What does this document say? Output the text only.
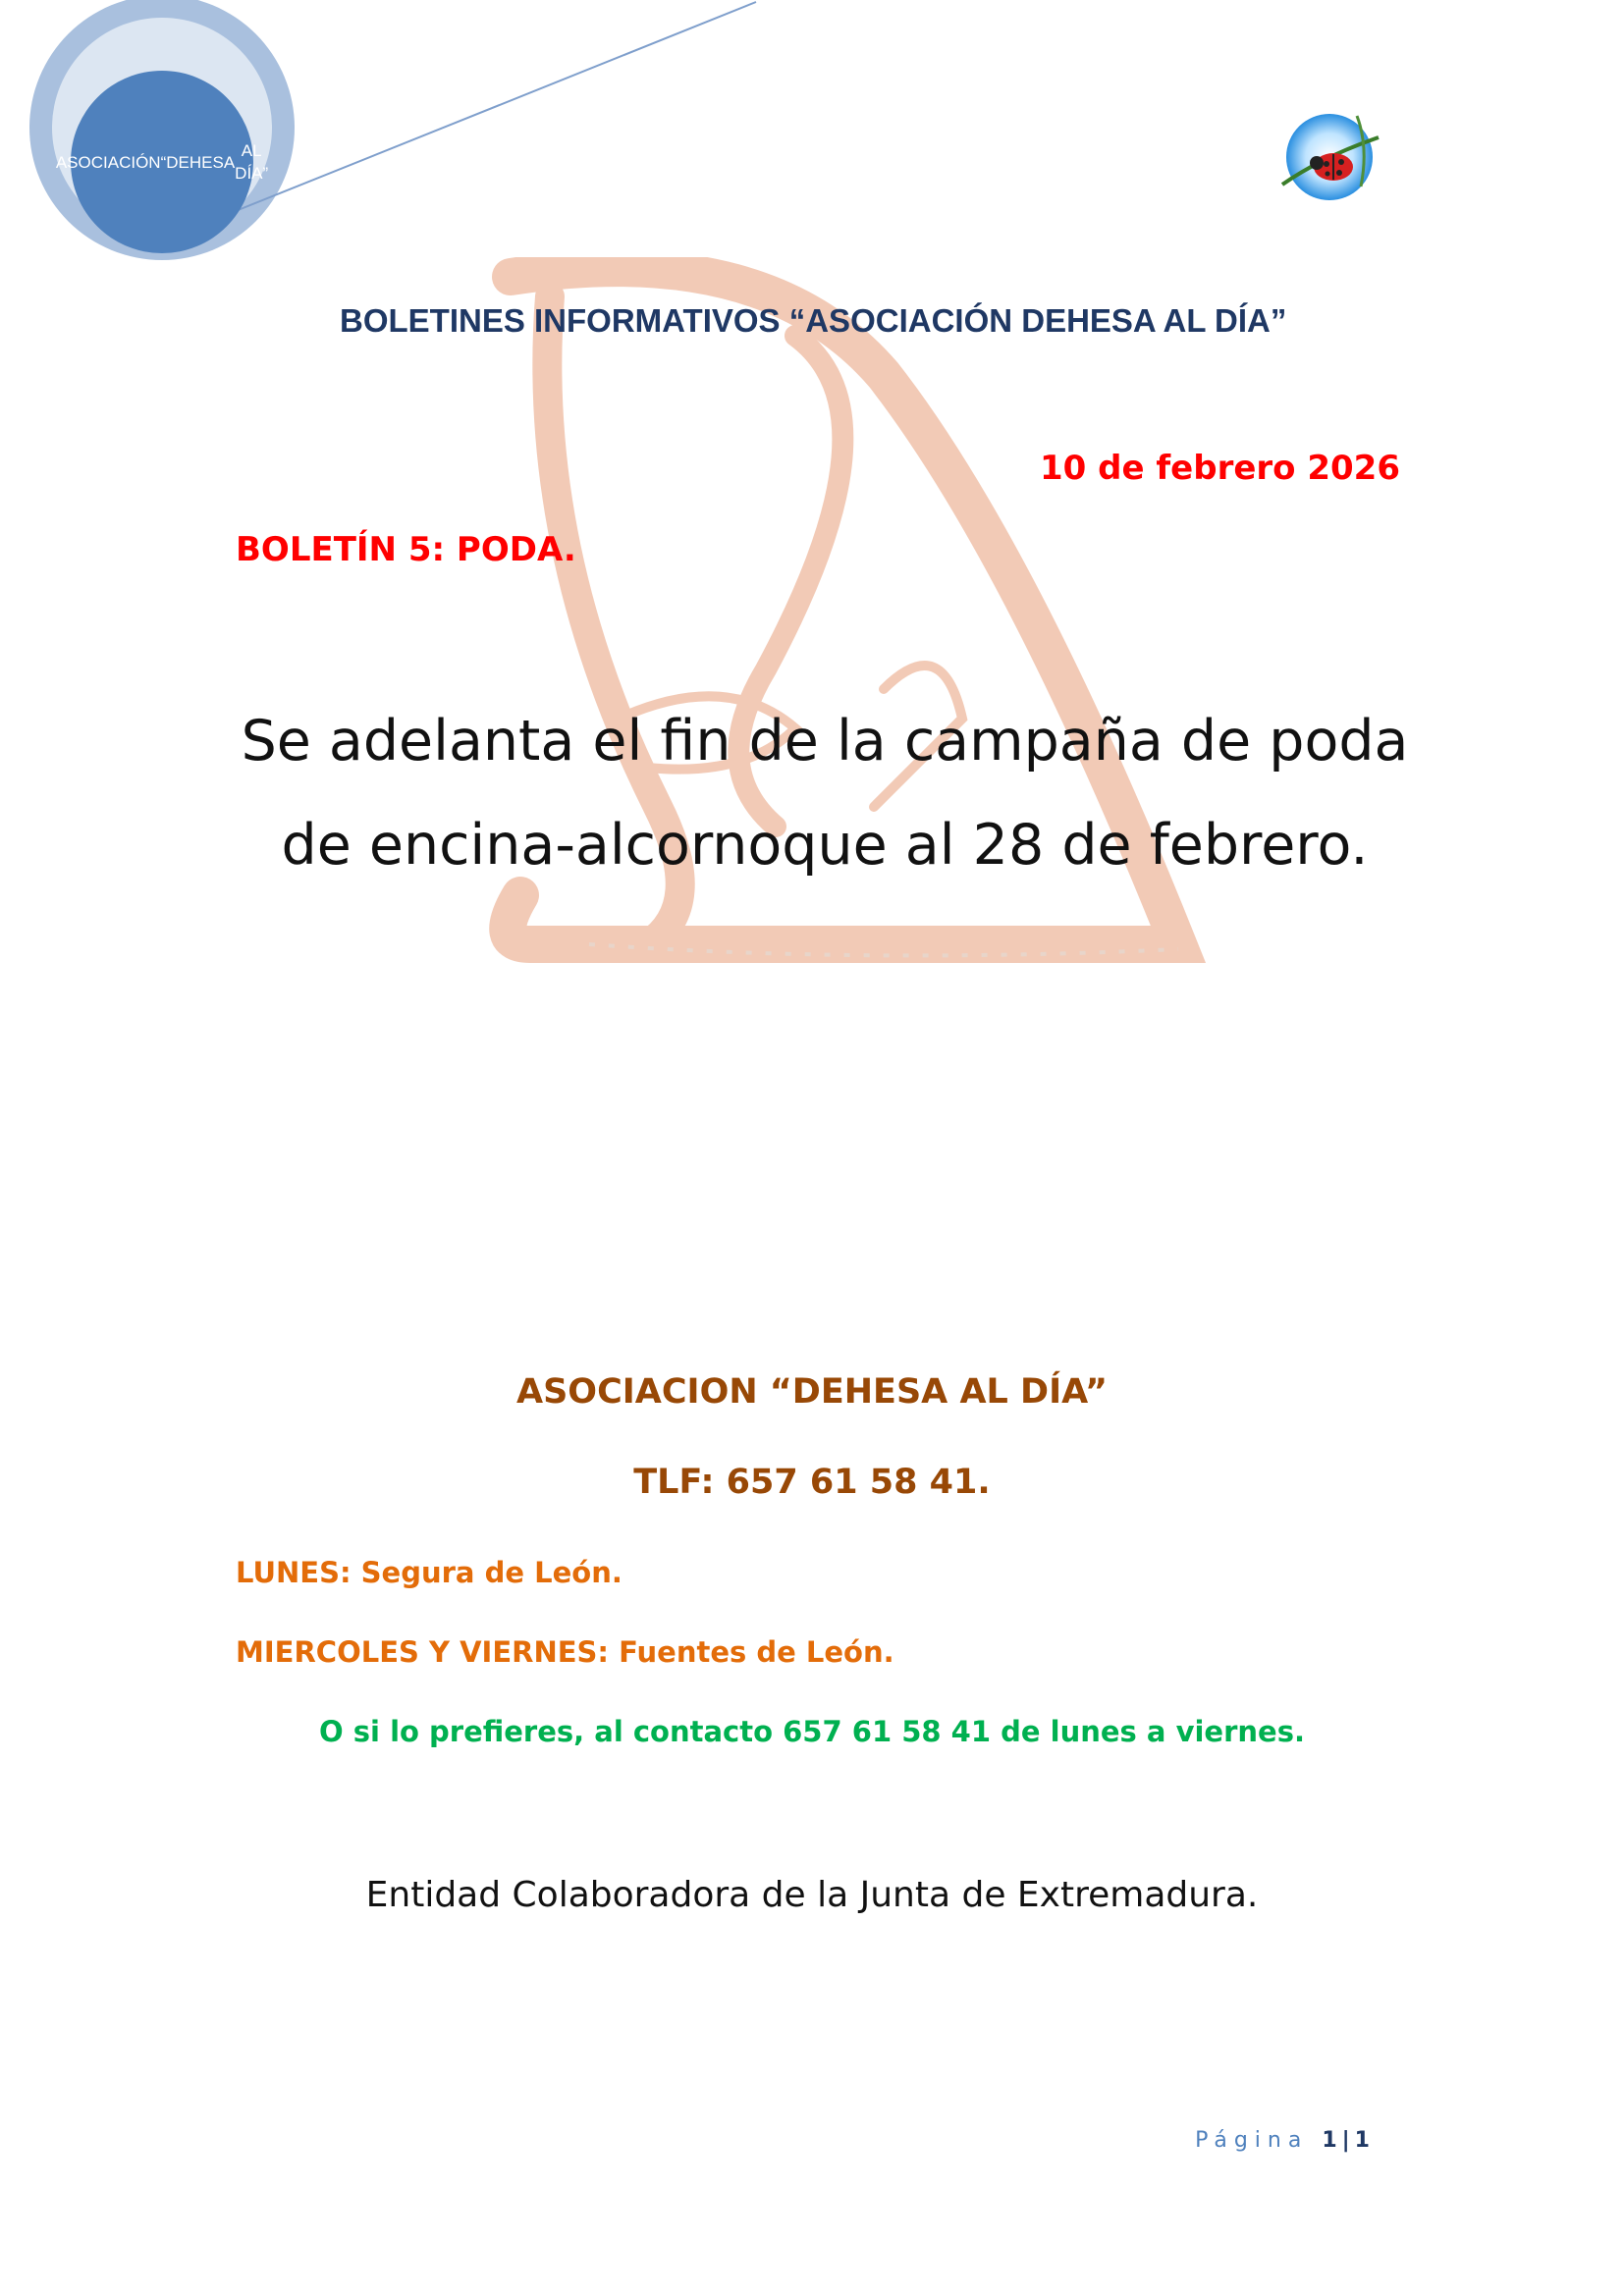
ASOCIACIÓN “DEHESA
AL DÍA”
BOLETINES INFORMATIVOS “ASOCIACIÓN DEHESA AL DÍA”

10 de febrero 2026

BOLETÍN 5: PODA.

Se adelanta el fin de la campaña de poda

de encina-alcornoque al 28 de febrero.

ASOCIACION “DEHESA AL DÍA”

TLF: 657 61 58 41.

LUNES: Segura de León.

MIERCOLES Y VIERNES: Fuentes de León.

O si lo prefieres, al contacto 657 61 58 41 de lunes a viernes.

Entidad Colaboradora de la Junta de Extremadura.

Página 1|1
